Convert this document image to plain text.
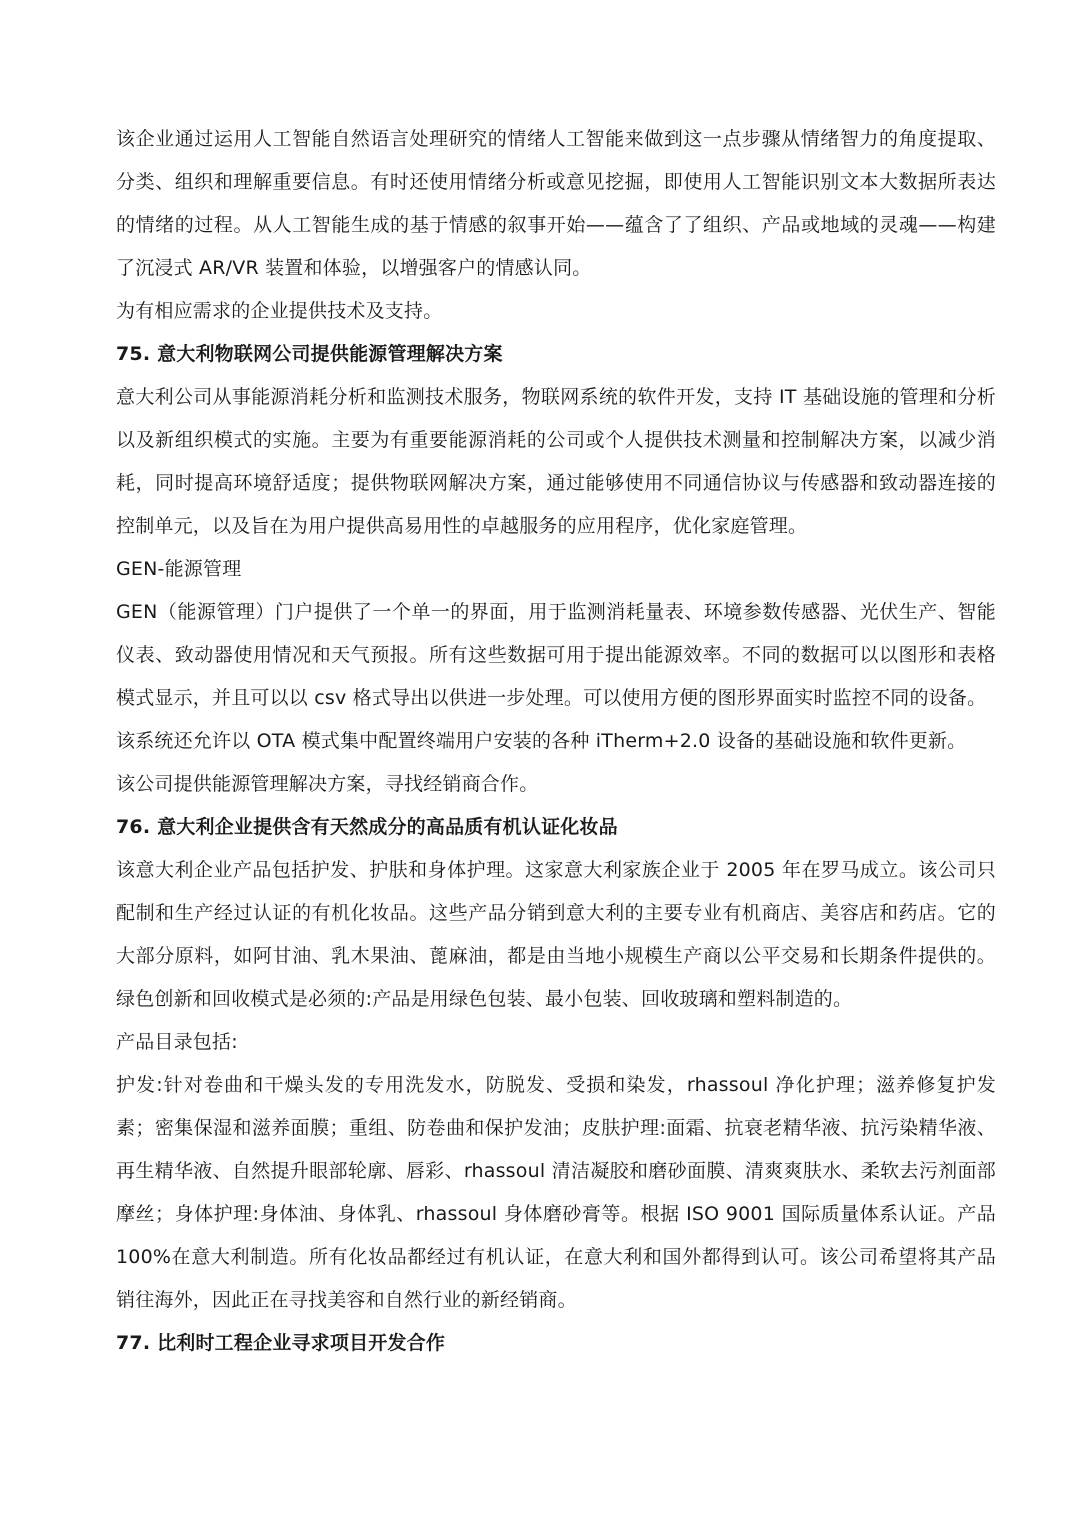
该企业通过运用人工智能自然语言处理研究的情绪人工智能来做到这一点步骤从情绪智力的角度提取、分类、组织和理解重要信息。有时还使用情绪分析或意见挖掘，即使用人工智能识别文本大数据所表达的情绪的过程。从人工智能生成的基于情感的叙事开始——蕴含了了组织、产品或地域的灵魂——构建了沉浸式 AR/VR 装置和体验，以增强客户的情感认同。

为有相应需求的企业提供技术及支持。

75. 意大利物联网公司提供能源管理解决方案

意大利公司从事能源消耗分析和监测技术服务，物联网系统的软件开发，支持 IT 基础设施的管理和分析以及新组织模式的实施。主要为有重要能源消耗的公司或个人提供技术测量和控制解决方案，以减少消耗，同时提高环境舒适度；提供物联网解决方案，通过能够使用不同通信协议与传感器和致动器连接的控制单元，以及旨在为用户提供高易用性的卓越服务的应用程序，优化家庭管理。

GEN-能源管理

GEN（能源管理）门户提供了一个单一的界面，用于监测消耗量表、环境参数传感器、光伏生产、智能仪表、致动器使用情况和天气预报。所有这些数据可用于提出能源效率。不同的数据可以以图形和表格模式显示，并且可以以 csv 格式导出以供进一步处理。可以使用方便的图形界面实时监控不同的设备。

该系统还允许以 OTA 模式集中配置终端用户安装的各种 iTherm+2.0 设备的基础设施和软件更新。

该公司提供能源管理解决方案，寻找经销商合作。

76. 意大利企业提供含有天然成分的高品质有机认证化妆品

该意大利企业产品包括护发、护肤和身体护理。这家意大利家族企业于 2005 年在罗马成立。该公司只配制和生产经过认证的有机化妆品。这些产品分销到意大利的主要专业有机商店、美容店和药店。它的大部分原料，如阿甘油、乳木果油、蓖麻油，都是由当地小规模生产商以公平交易和长期条件提供的。绿色创新和回收模式是必须的:产品是用绿色包装、最小包装、回收玻璃和塑料制造的。

产品目录包括:

护发:针对卷曲和干燥头发的专用洗发水，防脱发、受损和染发，rhassoul 净化护理；滋养修复护发素；密集保湿和滋养面膜；重组、防卷曲和保护发油；皮肤护理:面霜、抗衰老精华液、抗污染精华液、再生精华液、自然提升眼部轮廓、唇彩、rhassoul 清洁凝胶和磨砂面膜、清爽爽肤水、柔软去污剂面部摩丝；身体护理:身体油、身体乳、rhassoul 身体磨砂膏等。根据 ISO 9001 国际质量体系认证。产品 100%在意大利制造。所有化妆品都经过有机认证，在意大利和国外都得到认可。该公司希望将其产品销往海外，因此正在寻找美容和自然行业的新经销商。

77. 比利时工程企业寻求项目开发合作
